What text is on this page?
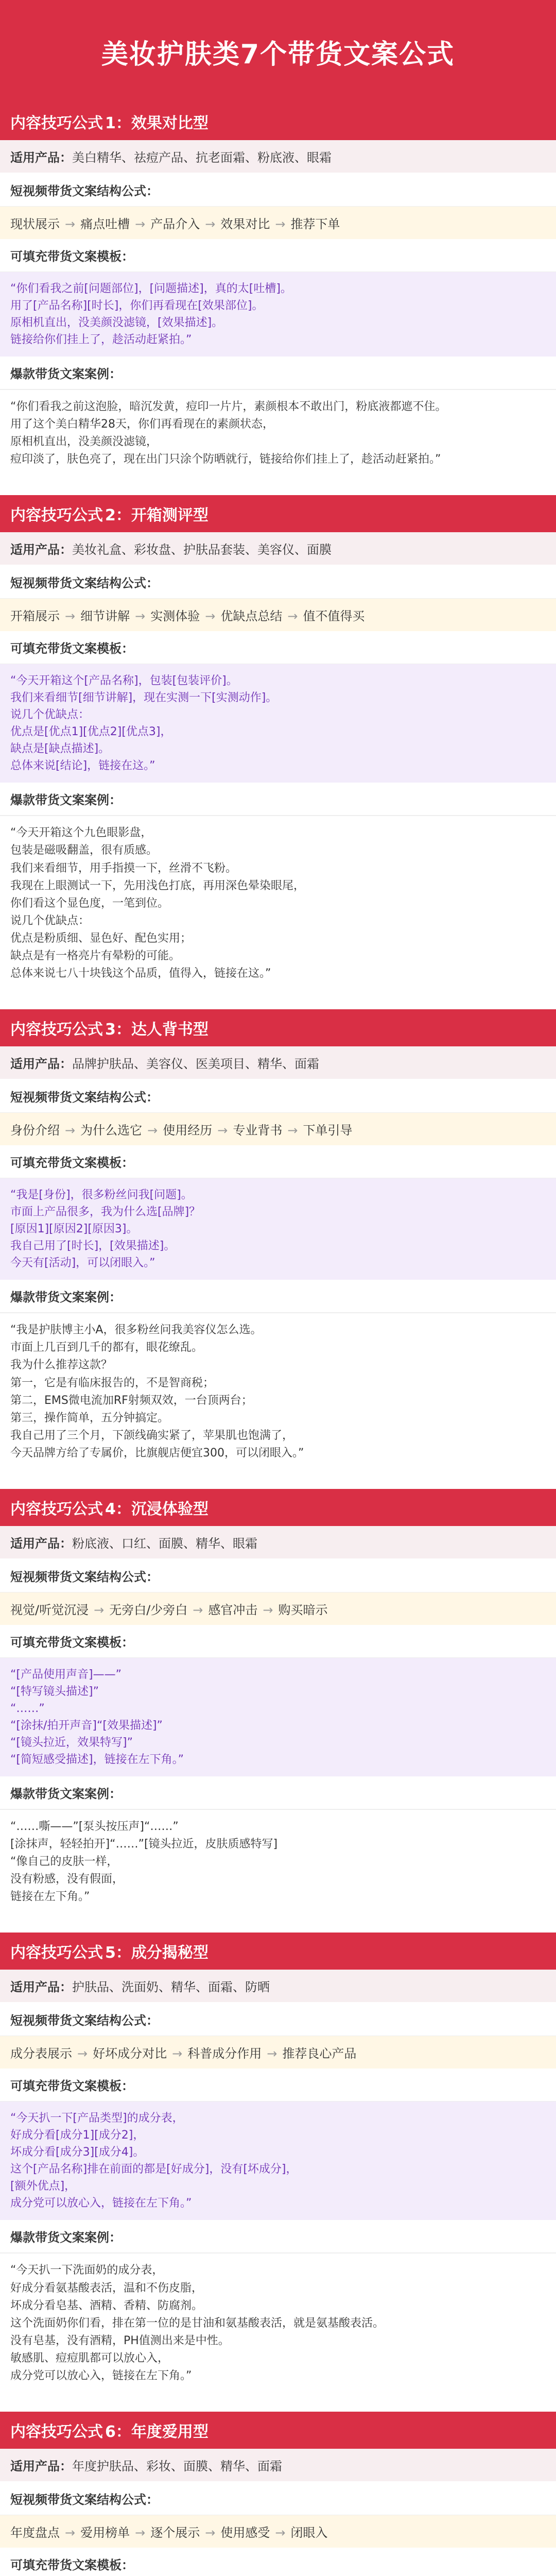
美妆护肤类7个带货文案公式
内容技巧公式 1：效果对比型
适用产品：美白精华、祛痘产品、抗老面霜、粉底液、眼霜
短视频带货文案结构公式：
现状展示 → 痛点吐槽 → 产品介入 → 效果对比 → 推荐下单
可填充带货文案模板：
“你们看我之前[问题部位]，[问题描述]，真的太[吐槽]。
用了[产品名称][时长]，你们再看现在[效果部位]。
原相机直出，没美颜没滤镜，[效果描述]。
链接给你们挂上了，趁活动赶紧拍。”
爆款带货文案案例：
“你们看我之前这泡脸，暗沉发黄，痘印一片片，素颜根本不敢出门，粉底液都遮不住。
用了这个美白精华28天，你们再看现在的素颜状态，
原相机直出，没美颜没滤镜，
痘印淡了，肤色亮了，现在出门只涂个防晒就行，链接给你们挂上了，趁活动赶紧拍。”
内容技巧公式 2：开箱测评型
适用产品：美妆礼盒、彩妆盘、护肤品套装、美容仪、面膜
短视频带货文案结构公式：
开箱展示 → 细节讲解 → 实测体验 → 优缺点总结 → 值不值得买
可填充带货文案模板：
“今天开箱这个[产品名称]，包装[包装评价]。
我们来看细节[细节讲解]，现在实测一下[实测动作]。
说几个优缺点：
优点是[优点1][优点2][优点3]，
缺点是[缺点描述]。
总体来说[结论]，链接在这。”
爆款带货文案案例：
“今天开箱这个九色眼影盘，
包装是磁吸翻盖，很有质感。
我们来看细节，用手指摸一下，丝滑不飞粉。
我现在上眼测试一下，先用浅色打底，再用深色晕染眼尾，
你们看这个显色度，一笔到位。
说几个优缺点：
优点是粉质细、显色好、配色实用；
缺点是有一格亮片有晕粉的可能。
总体来说七八十块钱这个品质，值得入，链接在这。”
内容技巧公式 3：达人背书型
适用产品：品牌护肤品、美容仪、医美项目、精华、面霜
短视频带货文案结构公式：
身份介绍 → 为什么选它 → 使用经历 → 专业背书 → 下单引导
可填充带货文案模板：
“我是[身份]，很多粉丝问我[问题]。
市面上产品很多，我为什么选[品牌]？
[原因1][原因2][原因3]。
我自己用了[时长]，[效果描述]。
今天有[活动]，可以闭眼入。”
爆款带货文案案例：
“我是护肤博主小A，很多粉丝问我美容仪怎么选。
市面上几百到几千的都有，眼花缭乱。
我为什么推荐这款？
第一，它是有临床报告的，不是智商税；
第二，EMS微电流加RF射频双效，一台顶两台；
第三，操作简单，五分钟搞定。
我自己用了三个月，下颌线确实紧了，苹果肌也饱满了，
今天品牌方给了专属价，比旗舰店便宜300，可以闭眼入。”
内容技巧公式 4：沉浸体验型
适用产品：粉底液、口红、面膜、精华、眼霜
短视频带货文案结构公式：
视觉/听觉沉浸 → 无旁白/少旁白 → 感官冲击 → 购买暗示
可填充带货文案模板：
“[产品使用声音]——”
“[特写镜头描述]”
“……”
“[涂抹/拍开声音]“[效果描述]”
“[镜头拉近，效果特写]”
“[简短感受描述]，链接在左下角。”
爆款带货文案案例：
“……嘶——”[泵头按压声]“……”
[涂抹声，轻轻拍开]“……”[镜头拉近，皮肤质感特写]
“像自己的皮肤一样，
没有粉感，没有假面，
链接在左下角。”
内容技巧公式 5：成分揭秘型
适用产品：护肤品、洗面奶、精华、面霜、防晒
短视频带货文案结构公式：
成分表展示 → 好坏成分对比 → 科普成分作用 → 推荐良心产品
可填充带货文案模板：
“今天扒一下[产品类型]的成分表，
好成分看[成分1][成分2]，
坏成分看[成分3][成分4]。
这个[产品名称]排在前面的都是[好成分]，没有[坏成分]，
[额外优点]，
成分党可以放心入，链接在左下角。”
爆款带货文案案例：
“今天扒一下洗面奶的成分表，
好成分看氨基酸表活，温和不伤皮脂，
坏成分看皂基、酒精、香精、防腐剂。
这个洗面奶你们看，排在第一位的是甘油和氨基酸表活，就是氨基酸表活。
没有皂基，没有酒精，PH值测出来是中性。
敏感肌、痘痘肌都可以放心入，
成分党可以放心入，链接在左下角。”
内容技巧公式 6：年度爱用型
适用产品：年度护肤品、彩妆、面膜、精华、面霜
短视频带货文案结构公式：
年度盘点 → 爱用榜单 → 逐个展示 → 使用感受 → 闭眼入
可填充带货文案模板：
